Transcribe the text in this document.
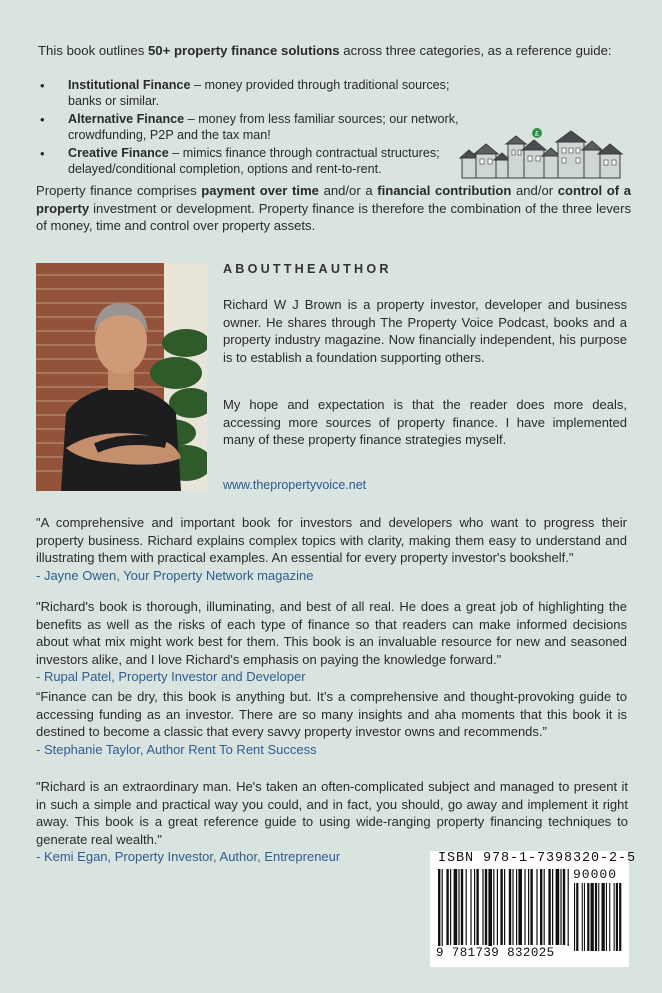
This book outlines 50+ property finance solutions across three categories, as a reference guide:
• Institutional Finance – money provided through traditional sources; banks or similar.
• Alternative Finance – money from less familiar sources; our network, crowdfunding, P2P and the tax man!
• Creative Finance – mimics finance through contractual structures; delayed/conditional completion, options and rent-to-rent.
£
Property finance comprises payment over time and/or a financial contribution and/or control of a property investment or development. Property finance is therefore the combination of the three levers of money, time and control over property assets.
ABOUTTHEAUTHOR
Richard W J Brown is a property investor, developer and business owner. He shares through The Property Voice Podcast, books and a property industry magazine. Now financially independent, his purpose is to establish a foundation supporting others.
My hope and expectation is that the reader does more deals, accessing more sources of property finance. I have implemented many of these property finance strategies myself.
www.thepropertyvoice.net
"A comprehensive and important book for investors and developers who want to progress their property business. Richard explains complex topics with clarity, making them easy to understand and illustrating them with practical examples. An essential for every property investor's bookshelf."
- Jayne Owen, Your Property Network magazine
"Richard's book is thorough, illuminating, and best of all real. He does a great job of highlighting the benefits as well as the risks of each type of finance so that readers can make informed decisions about what mix might work best for them. This book is an invaluable resource for new and seasoned investors alike, and I love Richard's emphasis on paying the knowledge forward."
- Rupal Patel, Property Investor and Developer
“Finance can be dry, this book is anything but. It’s a comprehensive and thought-provoking guide to accessing funding as an investor. There are so many insights and aha moments that this book it is destined to become a classic that every savvy property investor owns and recommends.”
- Stephanie Taylor, Author Rent To Rent Success
"Richard is an extraordinary man. He's taken an often-complicated subject and managed to present it in such a simple and practical way you could, and in fact, you should, go away and implement it right away. This book is a great reference guide to using wide-ranging property financing techniques to generate real wealth."
- Kemi Egan, Property Investor, Author, Entrepreneur	ISBN 978-1-7398320-2-5
90000
9 781739 832025
